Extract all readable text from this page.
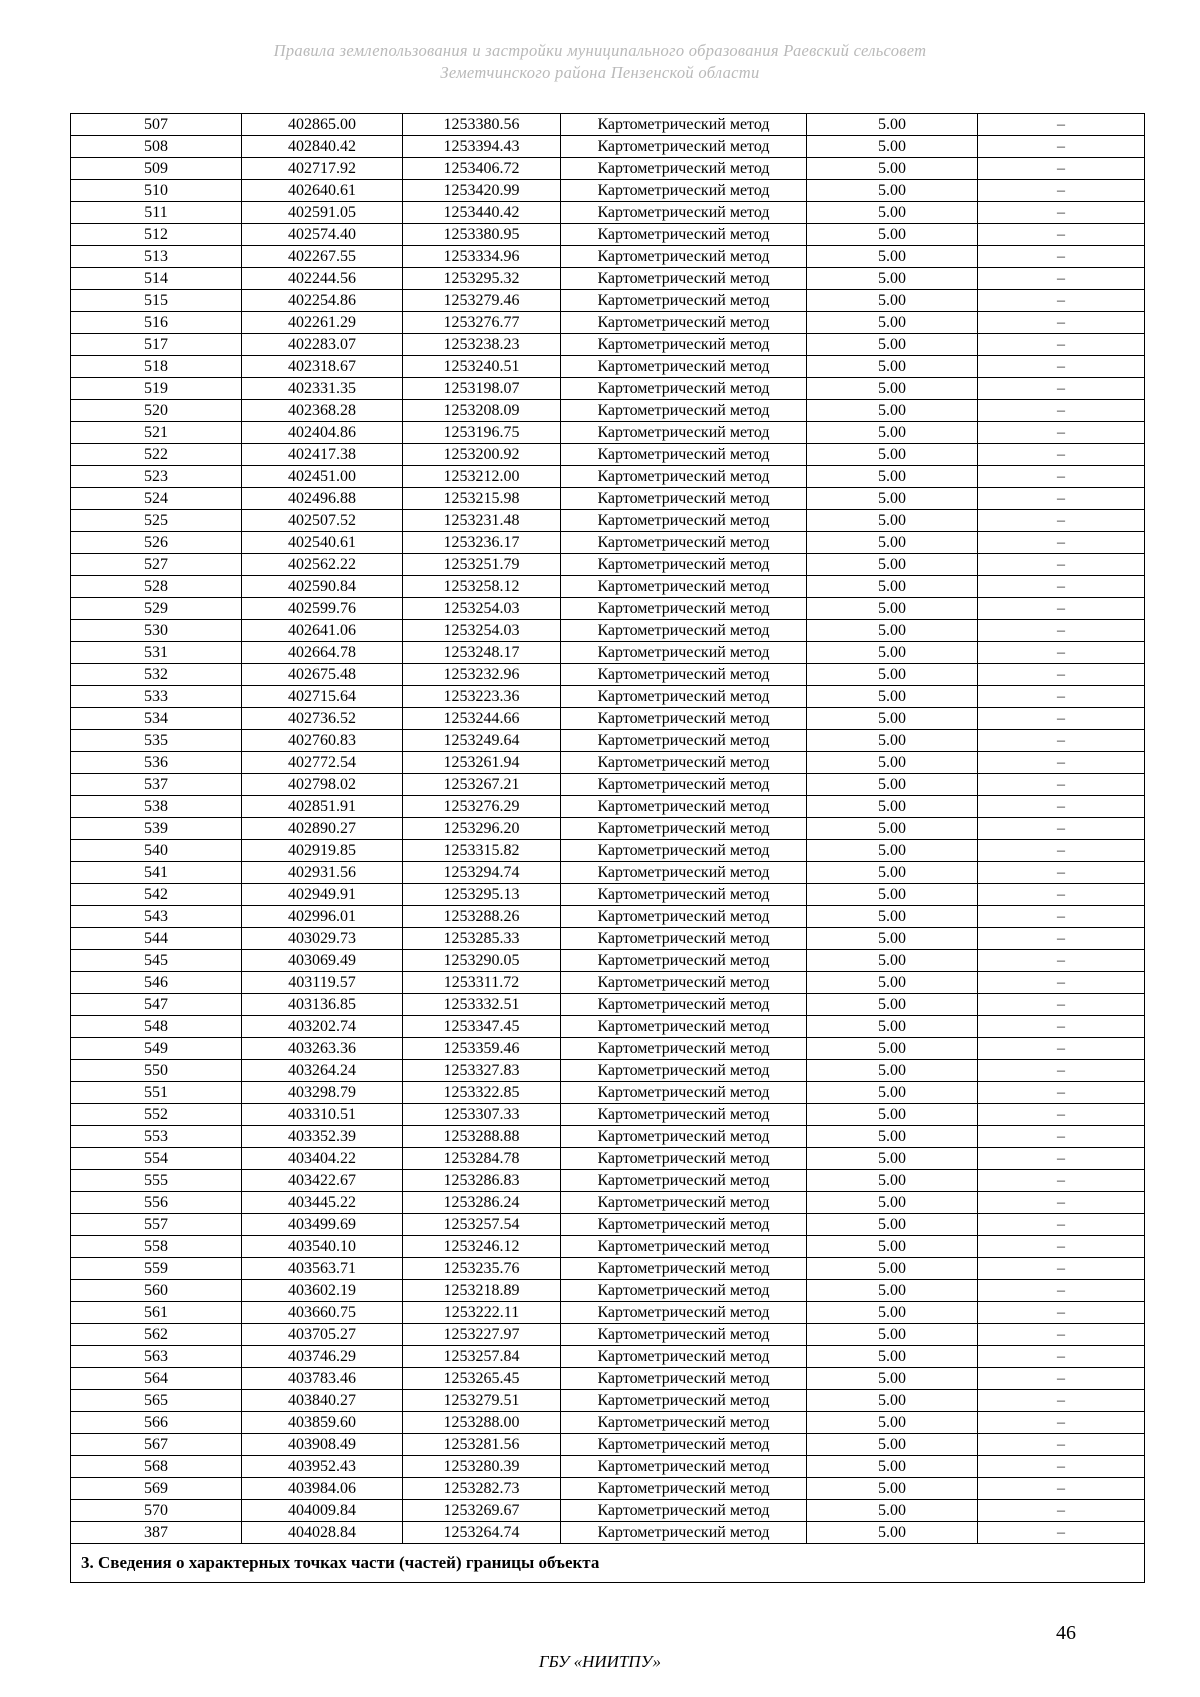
Правила землепользования и застройки муниципального образования Раевский сельсовет
Земетчинского района Пензенской области
507	402865.00	1253380.56	Картометрический метод	5.00	–
508	402840.42	1253394.43	Картометрический метод	5.00	–
509	402717.92	1253406.72	Картометрический метод	5.00	–
510	402640.61	1253420.99	Картометрический метод	5.00	–
511	402591.05	1253440.42	Картометрический метод	5.00	–
512	402574.40	1253380.95	Картометрический метод	5.00	–
513	402267.55	1253334.96	Картометрический метод	5.00	–
514	402244.56	1253295.32	Картометрический метод	5.00	–
515	402254.86	1253279.46	Картометрический метод	5.00	–
516	402261.29	1253276.77	Картометрический метод	5.00	–
517	402283.07	1253238.23	Картометрический метод	5.00	–
518	402318.67	1253240.51	Картометрический метод	5.00	–
519	402331.35	1253198.07	Картометрический метод	5.00	–
520	402368.28	1253208.09	Картометрический метод	5.00	–
521	402404.86	1253196.75	Картометрический метод	5.00	–
522	402417.38	1253200.92	Картометрический метод	5.00	–
523	402451.00	1253212.00	Картометрический метод	5.00	–
524	402496.88	1253215.98	Картометрический метод	5.00	–
525	402507.52	1253231.48	Картометрический метод	5.00	–
526	402540.61	1253236.17	Картометрический метод	5.00	–
527	402562.22	1253251.79	Картометрический метод	5.00	–
528	402590.84	1253258.12	Картометрический метод	5.00	–
529	402599.76	1253254.03	Картометрический метод	5.00	–
530	402641.06	1253254.03	Картометрический метод	5.00	–
531	402664.78	1253248.17	Картометрический метод	5.00	–
532	402675.48	1253232.96	Картометрический метод	5.00	–
533	402715.64	1253223.36	Картометрический метод	5.00	–
534	402736.52	1253244.66	Картометрический метод	5.00	–
535	402760.83	1253249.64	Картометрический метод	5.00	–
536	402772.54	1253261.94	Картометрический метод	5.00	–
537	402798.02	1253267.21	Картометрический метод	5.00	–
538	402851.91	1253276.29	Картометрический метод	5.00	–
539	402890.27	1253296.20	Картометрический метод	5.00	–
540	402919.85	1253315.82	Картометрический метод	5.00	–
541	402931.56	1253294.74	Картометрический метод	5.00	–
542	402949.91	1253295.13	Картометрический метод	5.00	–
543	402996.01	1253288.26	Картометрический метод	5.00	–
544	403029.73	1253285.33	Картометрический метод	5.00	–
545	403069.49	1253290.05	Картометрический метод	5.00	–
546	403119.57	1253311.72	Картометрический метод	5.00	–
547	403136.85	1253332.51	Картометрический метод	5.00	–
548	403202.74	1253347.45	Картометрический метод	5.00	–
549	403263.36	1253359.46	Картометрический метод	5.00	–
550	403264.24	1253327.83	Картометрический метод	5.00	–
551	403298.79	1253322.85	Картометрический метод	5.00	–
552	403310.51	1253307.33	Картометрический метод	5.00	–
553	403352.39	1253288.88	Картометрический метод	5.00	–
554	403404.22	1253284.78	Картометрический метод	5.00	–
555	403422.67	1253286.83	Картометрический метод	5.00	–
556	403445.22	1253286.24	Картометрический метод	5.00	–
557	403499.69	1253257.54	Картометрический метод	5.00	–
558	403540.10	1253246.12	Картометрический метод	5.00	–
559	403563.71	1253235.76	Картометрический метод	5.00	–
560	403602.19	1253218.89	Картометрический метод	5.00	–
561	403660.75	1253222.11	Картометрический метод	5.00	–
562	403705.27	1253227.97	Картометрический метод	5.00	–
563	403746.29	1253257.84	Картометрический метод	5.00	–
564	403783.46	1253265.45	Картометрический метод	5.00	–
565	403840.27	1253279.51	Картометрический метод	5.00	–
566	403859.60	1253288.00	Картометрический метод	5.00	–
567	403908.49	1253281.56	Картометрический метод	5.00	–
568	403952.43	1253280.39	Картометрический метод	5.00	–
569	403984.06	1253282.73	Картометрический метод	5.00	–
570	404009.84	1253269.67	Картометрический метод	5.00	–
387	404028.84	1253264.74	Картометрический метод	5.00	–
3. Сведения о характерных точках части (частей) границы объекта					
46
ГБУ «НИИТПУ»
